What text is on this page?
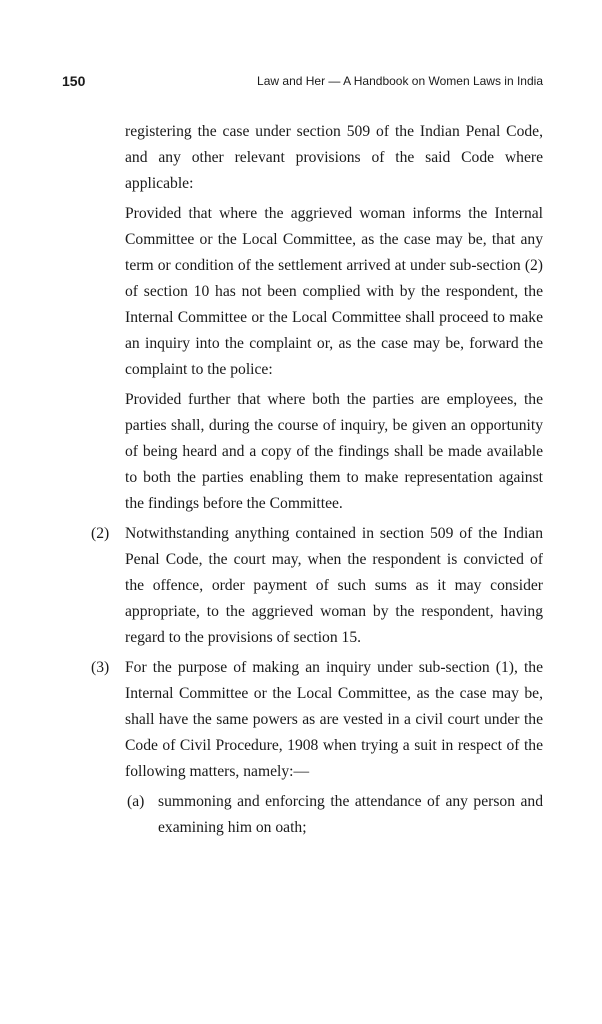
150	Law and Her — A Handbook on Women Laws in India

registering the case under section 509 of the Indian Penal Code, and any other relevant provisions of the said Code where applicable:

Provided that where the aggrieved woman informs the Internal Committee or the Local Committee, as the case may be, that any term or condition of the settlement arrived at under sub-section (2) of section 10 has not been complied with by the respondent, the Internal Committee or the Local Committee shall proceed to make an inquiry into the complaint or, as the case may be, forward the complaint to the police:

Provided further that where both the parties are employees, the parties shall, during the course of inquiry, be given an opportunity of being heard and a copy of the findings shall be made available to both the parties enabling them to make representation against the findings before the Committee.

(2) Notwithstanding anything contained in section 509 of the Indian Penal Code, the court may, when the respondent is convicted of the offence, order payment of such sums as it may consider appropriate, to the aggrieved woman by the respondent, having regard to the provisions of section 15.
(3) For the purpose of making an inquiry under sub-section (1), the Internal Committee or the Local Committee, as the case may be, shall have the same powers as are vested in a civil court under the Code of Civil Procedure, 1908 when trying a suit in respect of the following matters, namely:—
(a) summoning and enforcing the attendance of any person and examining him on oath;
